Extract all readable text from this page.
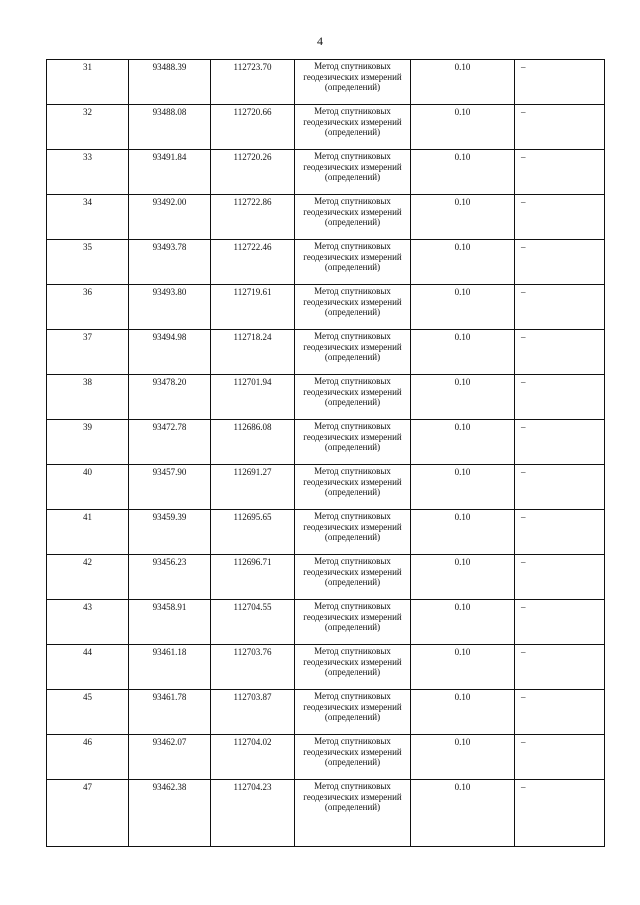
4
31	93488.39	112723.70	Метод спутниковых геодезических измерений (определений)	0.10	–
32	93488.08	112720.66	Метод спутниковых геодезических измерений (определений)	0.10	–
33	93491.84	112720.26	Метод спутниковых геодезических измерений (определений)	0.10	–
34	93492.00	112722.86	Метод спутниковых геодезических измерений (определений)	0.10	–
35	93493.78	112722.46	Метод спутниковых геодезических измерений (определений)	0.10	–
36	93493.80	112719.61	Метод спутниковых геодезических измерений (определений)	0.10	–
37	93494.98	112718.24	Метод спутниковых геодезических измерений (определений)	0.10	–
38	93478.20	112701.94	Метод спутниковых геодезических измерений (определений)	0.10	–
39	93472.78	112686.08	Метод спутниковых геодезических измерений (определений)	0.10	–
40	93457.90	112691.27	Метод спутниковых геодезических измерений (определений)	0.10	–
41	93459.39	112695.65	Метод спутниковых геодезических измерений (определений)	0.10	–
42	93456.23	112696.71	Метод спутниковых геодезических измерений (определений)	0.10	–
43	93458.91	112704.55	Метод спутниковых геодезических измерений (определений)	0.10	–
44	93461.18	112703.76	Метод спутниковых геодезических измерений (определений)	0.10	–
45	93461.78	112703.87	Метод спутниковых геодезических измерений (определений)	0.10	–
46	93462.07	112704.02	Метод спутниковых геодезических измерений (определений)	0.10	–
47	93462.38	112704.23	Метод спутниковых геодезических измерений (определений)	0.10	–
